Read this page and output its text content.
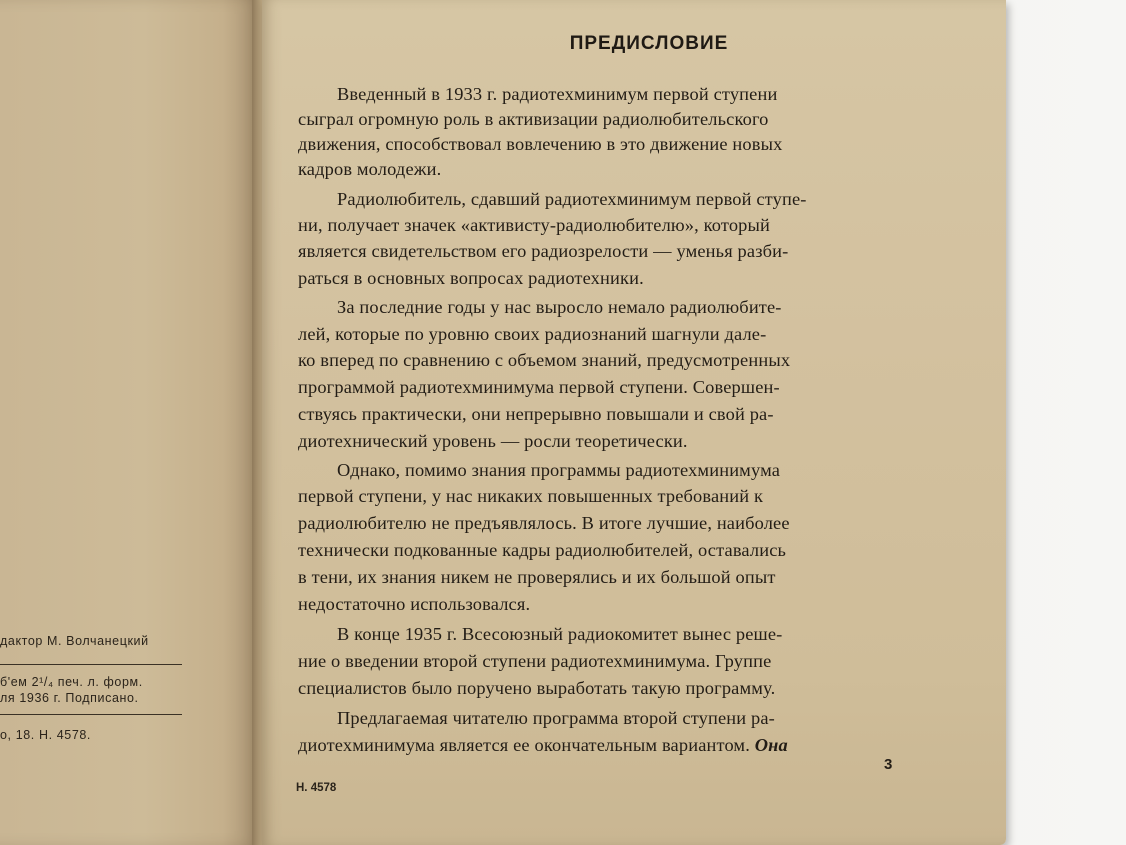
дактор М. Волчанецкий
б'ем 2¹/₄ печ. л. форм.
ля 1936 г. Подписано.
о, 18. Н. 4578.
ПРЕДИСЛОВИЕ
Введенный в 1933 г. радиотехминимум первой ступени
сыграл огромную роль в активизации радиолюбительского
движения, способствовал вовлечению в это движение новых
кадров молодежи.
Радиолюбитель, сдавший радиотехминимум первой ступе-
ни, получает значек «активисту-радиолюбителю», который
является свидетельством его радиозрелости — уменья разби-
раться в основных вопросах радиотехники.
За последние годы у нас выросло немало радиолюбите-
лей, которые по уровню своих радиознаний шагнули дале-
ко вперед по сравнению с объемом знаний, предусмотренных
программой радиотехминимума первой ступени. Совершен-
ствуясь практически, они непрерывно повышали и свой ра-
диотехнический уровень — росли теоретически.
Однако, помимо знания программы радиотехминимума
первой ступени, у нас никаких повышенных требований к
радиолюбителю не предъявлялось. В итоге лучшие, наиболее
технически подкованные кадры радиолюбителей, оставались
в тени, их знания никем не проверялись и их большой опыт
недостаточно использовался.
В конце 1935 г. Всесоюзный радиокомитет вынес реше-
ние о введении второй ступени радиотехминимума. Группе
специалистов было поручено выработать такую программу.
Предлагаемая читателю программа второй ступени ра-
диотехминимума является ее окончательным вариантом. Она
3
Н. 4578
